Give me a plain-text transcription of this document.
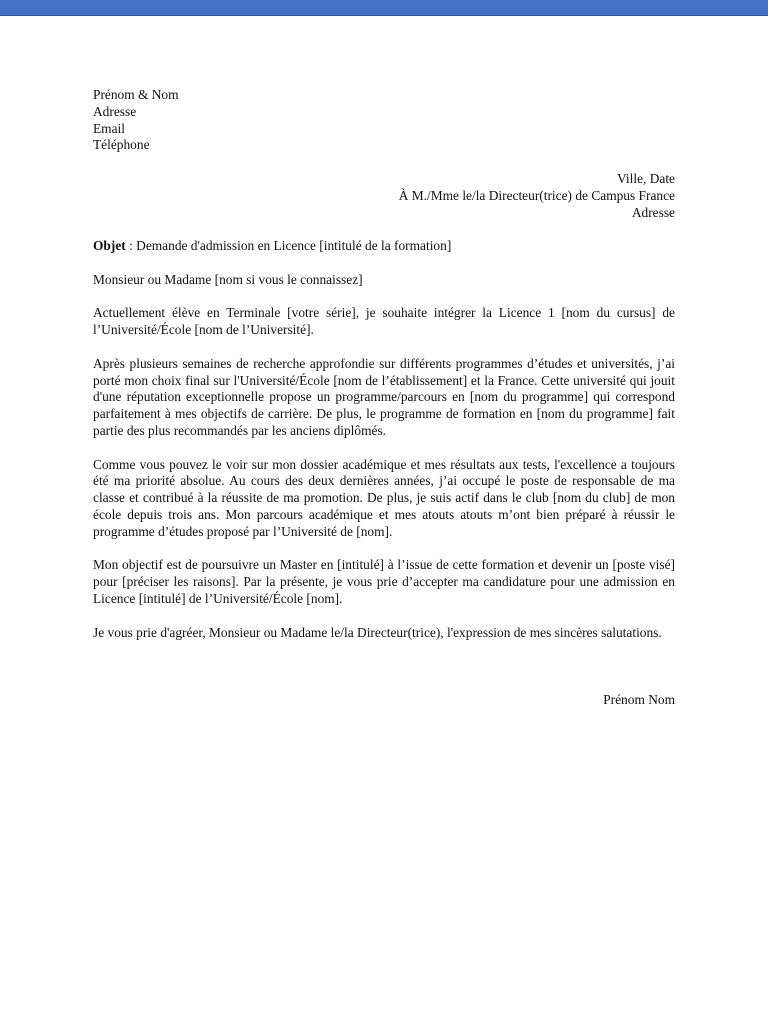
Prénom & Nom
Adresse
Email
Téléphone
Ville, Date
À M./Mme le/la Directeur(trice) de Campus France
Adresse
Objet : Demande d'admission en Licence [intitulé de la formation]
Monsieur ou Madame [nom si vous le connaissez]

Actuellement élève en Terminale [votre série], je souhaite intégrer la Licence 1 [nom du cursus] de l’Université/École [nom de l’Université].

Après plusieurs semaines de recherche approfondie sur différents programmes d’études et universités, j’ai porté mon choix final sur l'Université/École [nom de l’établissement] et la France. Cette université qui jouit d'une réputation exceptionnelle propose un programme/parcours en [nom du programme] qui correspond parfaitement à mes objectifs de carrière. De plus, le programme de formation en [nom du programme] fait partie des plus recommandés par les anciens diplômés.

Comme vous pouvez le voir sur mon dossier académique et mes résultats aux tests, l'excellence a toujours été ma priorité absolue. Au cours des deux dernières années, j’ai occupé le poste de responsable de ma classe et contribué à la réussite de ma promotion. De plus, je suis actif dans le club [nom du club] de mon école depuis trois ans. Mon parcours académique et mes atouts atouts m’ont bien préparé à réussir le programme d’études proposé par l’Université de [nom].

Mon objectif est de poursuivre un Master en [intitulé] à l’issue de cette formation et devenir un [poste visé] pour [préciser les raisons]. Par la présente, je vous prie d’accepter ma candidature pour une admission en Licence [intitulé] de l’Université/École [nom].

Je vous prie d'agréer, Monsieur ou Madame le/la Directeur(trice), l'expression de mes sincères salutations.

Prénom Nom
